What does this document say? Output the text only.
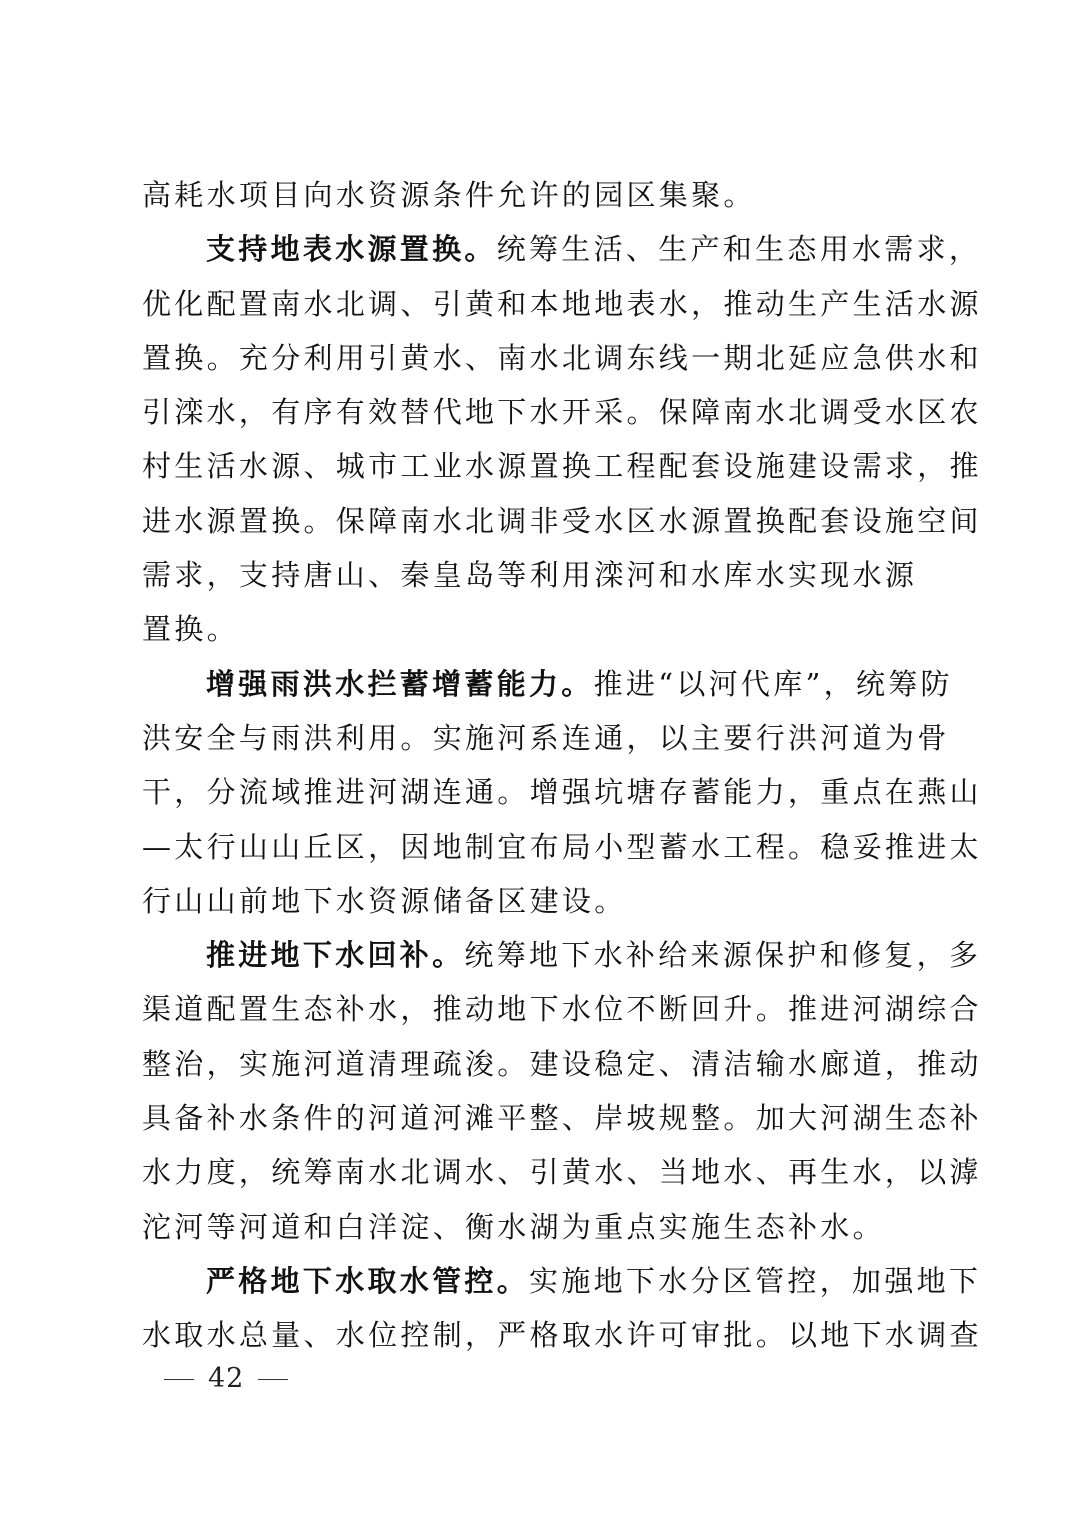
高耗水项目向水资源条件允许的园区集聚。
支持地表水源置换。统筹生活、生产和生态用水需求，
优化配置南水北调、引黄和本地地表水，推动生产生活水源
置换。充分利用引黄水、南水北调东线一期北延应急供水和
引滦水，有序有效替代地下水开采。保障南水北调受水区农
村生活水源、城市工业水源置换工程配套设施建设需求，推
进水源置换。保障南水北调非受水区水源置换配套设施空间
需求，支持唐山、秦皇岛等利用滦河和水库水实现水源
置换。
增强雨洪水拦蓄增蓄能力。推进“以河代库”，统筹防
洪安全与雨洪利用。实施河系连通，以主要行洪河道为骨
干，分流域推进河湖连通。增强坑塘存蓄能力，重点在燕山
—太行山山丘区，因地制宜布局小型蓄水工程。稳妥推进太
行山山前地下水资源储备区建设。
推进地下水回补。统筹地下水补给来源保护和修复，多
渠道配置生态补水，推动地下水位不断回升。推进河湖综合
整治，实施河道清理疏浚。建设稳定、清洁输水廊道，推动
具备补水条件的河道河滩平整、岸坡规整。加大河湖生态补
水力度，统筹南水北调水、引黄水、当地水、再生水，以滹
沱河等河道和白洋淀、衡水湖为重点实施生态补水。
严格地下水取水管控。实施地下水分区管控，加强地下
水取水总量、水位控制，严格取水许可审批。以地下水调查
42
